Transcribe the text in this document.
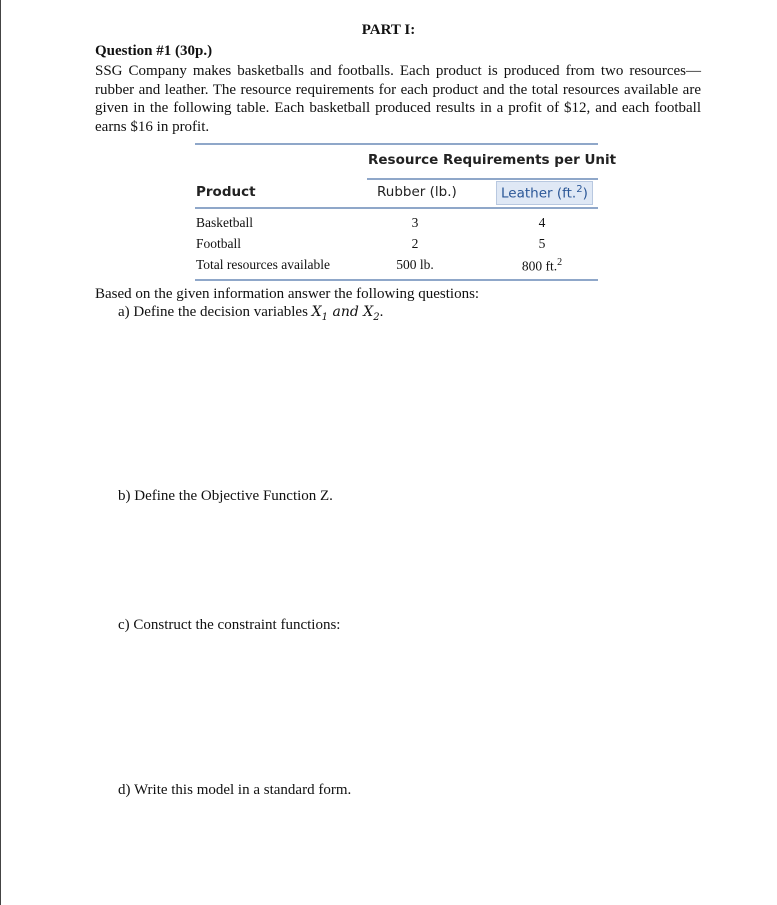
PART I:
Question #1 (30p.)
SSG Company makes basketballs and footballs. Each product is produced from two resources—rubber and leather. The resource requirements for each product and the total resources available are given in the following table. Each basketball produced results in a profit of $12, and each football earns $16 in profit.
Resource Requirements per Unit
Product	Rubber (lb.)	Leather (ft.$^2$)
Basketball	3	4
Football	2	5
Total resources available	500 lb.	800 ft.$^2$
Based on the given information answer the following questions:
a) Define the decision variables $X_1$ and $X_2$.
b) Define the Objective Function Z.
c) Construct the constraint functions:
d) Write this model in a standard form.
